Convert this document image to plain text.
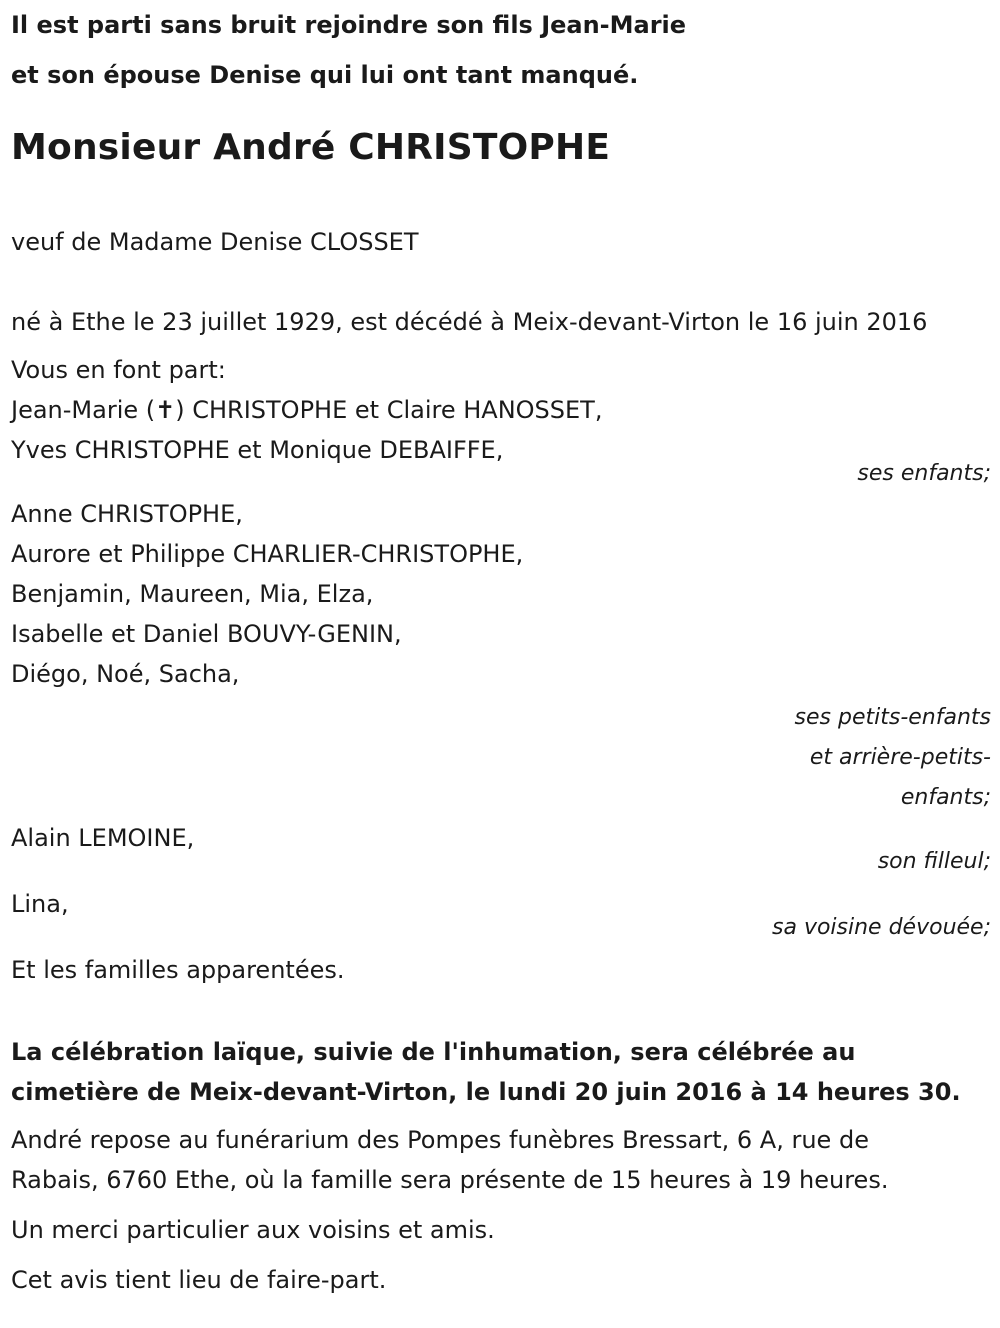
Il est parti sans bruit rejoindre son fils Jean-Marie
et son épouse Denise qui lui ont tant manqué.
Monsieur André CHRISTOPHE

veuf de Madame Denise CLOSSET

né à Ethe le 23 juillet 1929, est décédé à Meix-devant-Virton le 16 juin 2016

Vous en font part:

Jean-Marie (✝) CHRISTOPHE et Claire HANOSSET,

Yves CHRISTOPHE et Monique DEBAIFFE,

ses enfants;

Anne CHRISTOPHE,

Aurore et Philippe CHARLIER-CHRISTOPHE,

Benjamin, Maureen, Mia, Elza,

Isabelle et Daniel BOUVY-GENIN,

Diégo, Noé, Sacha,

ses petits-enfants

et arrière-petits-

enfants;

Alain LEMOINE,

son filleul;

Lina,

sa voisine dévouée;

Et les familles apparentées.

La célébration laïque, suivie de l'inhumation, sera célébrée au
cimetière de Meix-devant-Virton, le lundi 20 juin 2016 à 14 heures 30.
André repose au funérarium des Pompes funèbres Bressart, 6 A, rue de
Rabais, 6760 Ethe, où la famille sera présente de 15 heures à 19 heures.

Un merci particulier aux voisins et amis.

Cet avis tient lieu de faire-part.
